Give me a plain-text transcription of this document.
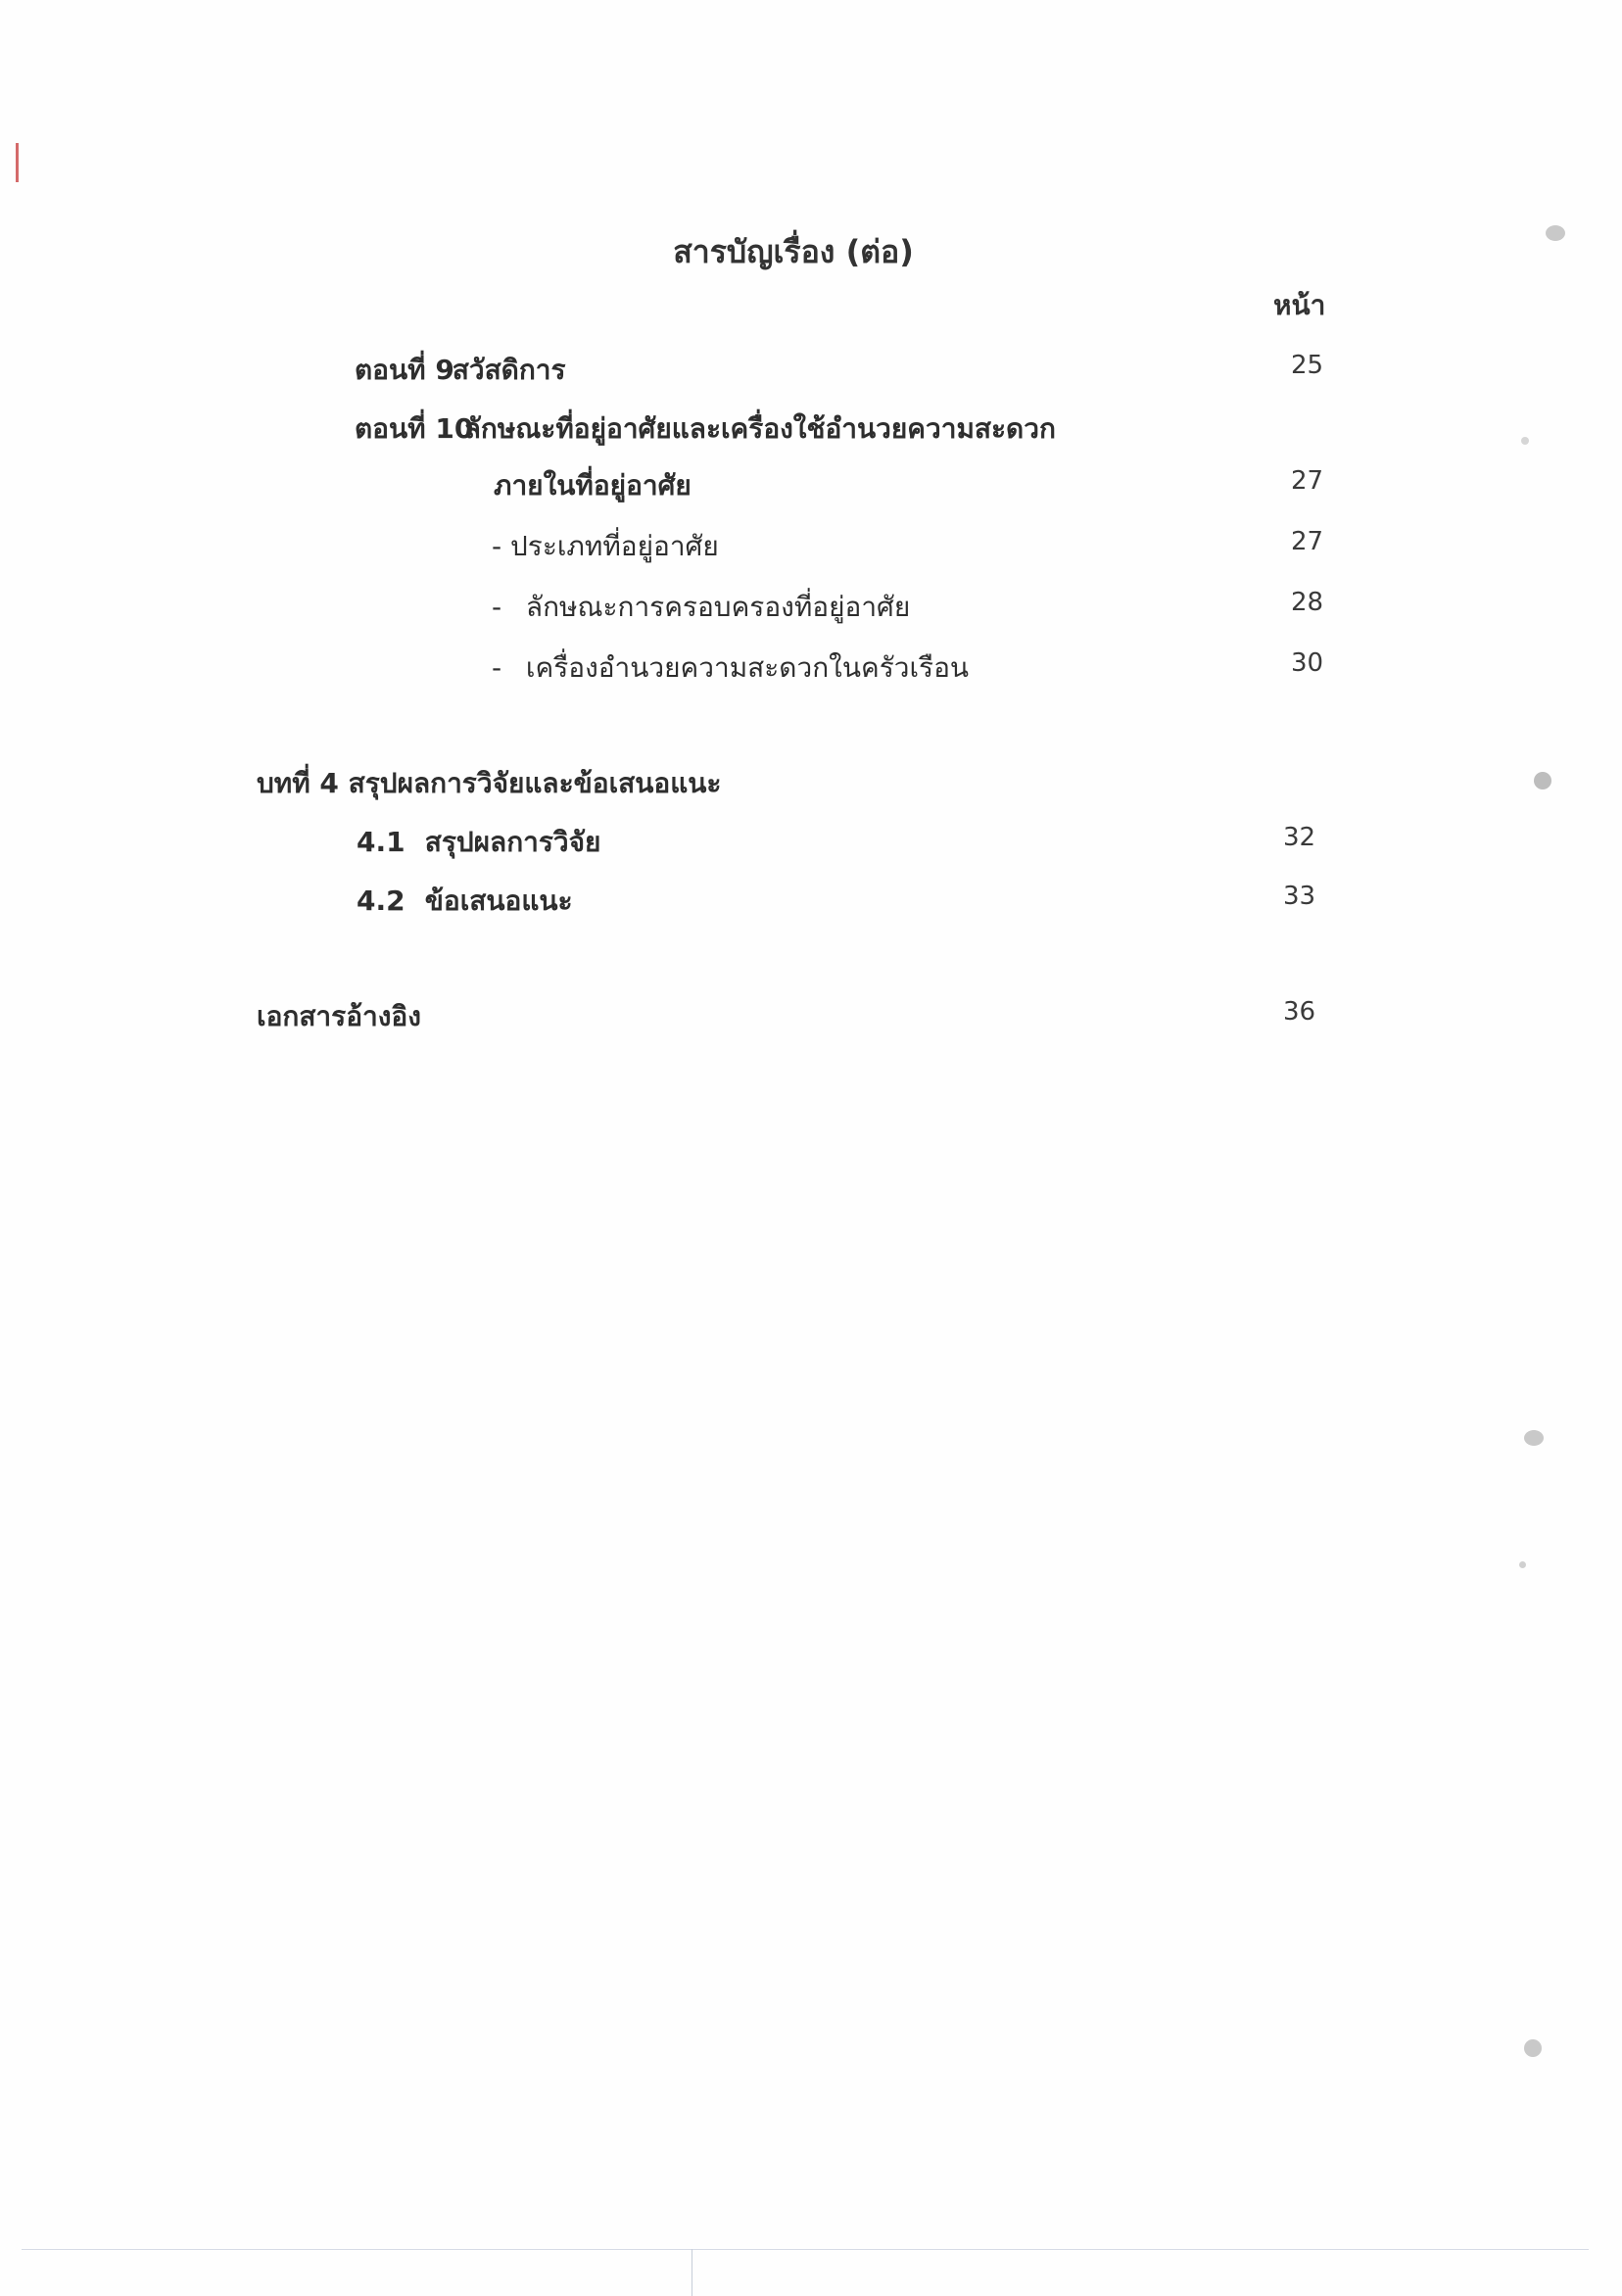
สารบัญเรื่อง (ต่อ)
หน้า
ตอนที่ 9 สวัสดิการ	25
ตอนที่ 10 ลักษณะที่อยู่อาศัยและเครื่องใช้อำนวยความสะดวก
ภายในที่อยู่อาศัย	27
- ประเภทที่อยู่อาศัย	27
- ลักษณะการครอบครองที่อยู่อาศัย	28
- เครื่องอำนวยความสะดวกในครัวเรือน	30
บทที่ 4 สรุปผลการวิจัยและข้อเสนอแนะ
4.1 สรุปผลการวิจัย	32
4.2 ข้อเสนอแนะ	33
เอกสารอ้างอิง	36
